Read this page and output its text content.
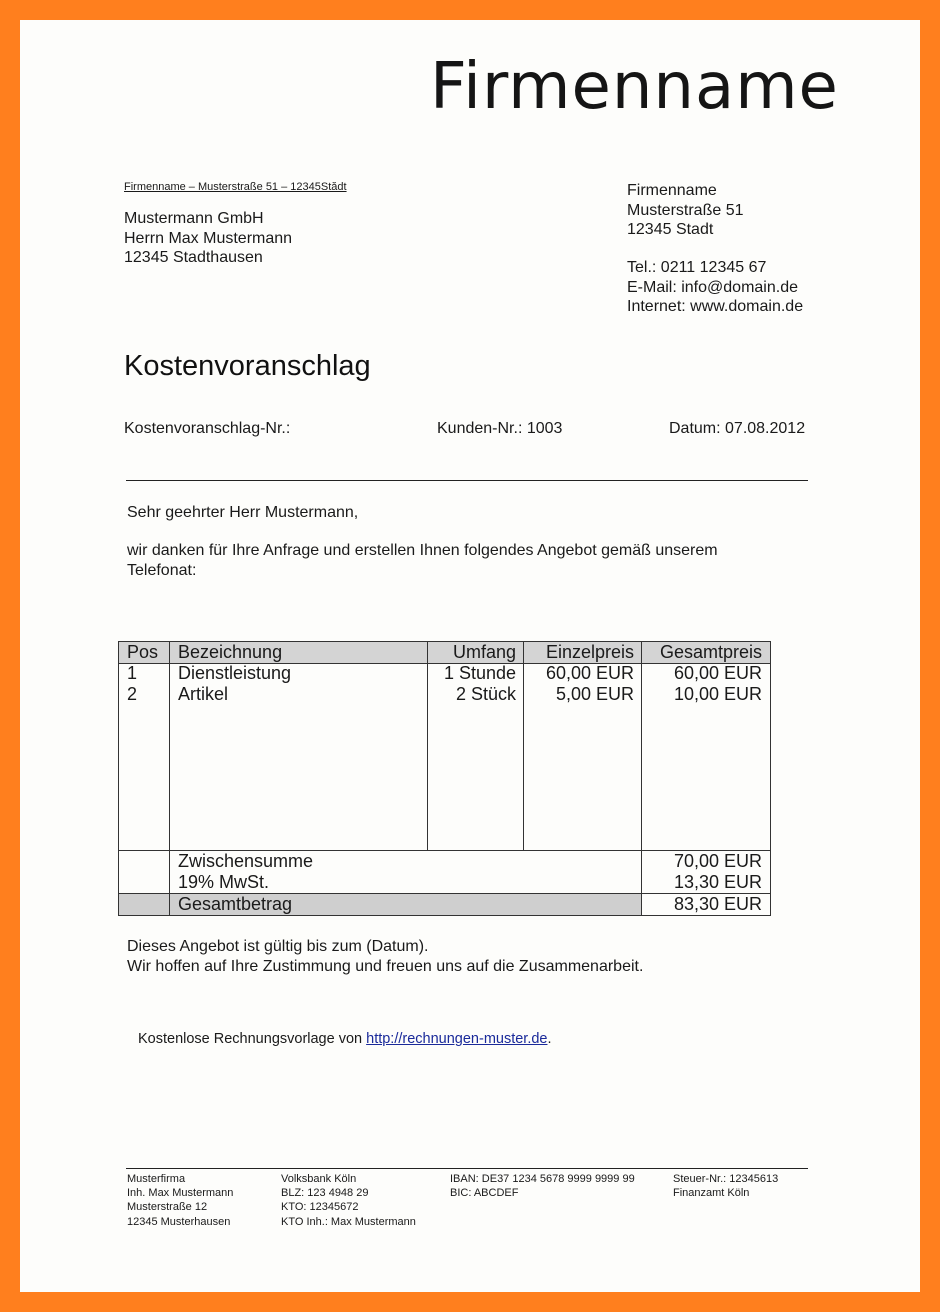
Firmenname
Firmenname – Musterstraße 51 – 12345Stădt
Mustermann GmbH
Herrn Max Mustermann
12345 Stadthausen
Firmenname
Musterstraße 51
12345 Stadt
Tel.: 0211 12345 67
E-Mail: info@domain.de
Internet: www.domain.de
Kostenvoranschlag
Kostenvoranschlag-Nr.:	Kunden-Nr.: 1003	Datum: 07.08.2012
Sehr geehrter Herr Mustermann,
wir danken für Ihre Anfrage und erstellen Ihnen folgendes Angebot gemäß unserem Telefonat:
Pos Bezeichnung	Umfang	Einzelpreis	Gesamtpreis
1 Dienstleistung	1 Stunde	60,00 EUR	60,00 EUR
2 Artikel	2 Stück	5,00 EUR	10,00 EUR
Zwischensumme	70,00 EUR
19% MwSt.	13,30 EUR
Gesamtbetrag	83,30 EUR
Dieses Angebot ist gültig bis zum (Datum).
Wir hoffen auf Ihre Zustimmung und freuen uns auf die Zusammenarbeit.
Kostenlose Rechnungsvorlage von http://rechnungen-muster.de.
Musterfirma
Inh. Max Mustermann
Musterstraße 12
12345 Musterhausen
Volksbank Köln
BLZ: 123 4948 29
KTO: 12345672
KTO Inh.: Max Mustermann
IBAN: DE37 1234 5678 9999 9999 99
BIC: ABCDEF
Steuer-Nr.: 12345613
Finanzamt Köln
